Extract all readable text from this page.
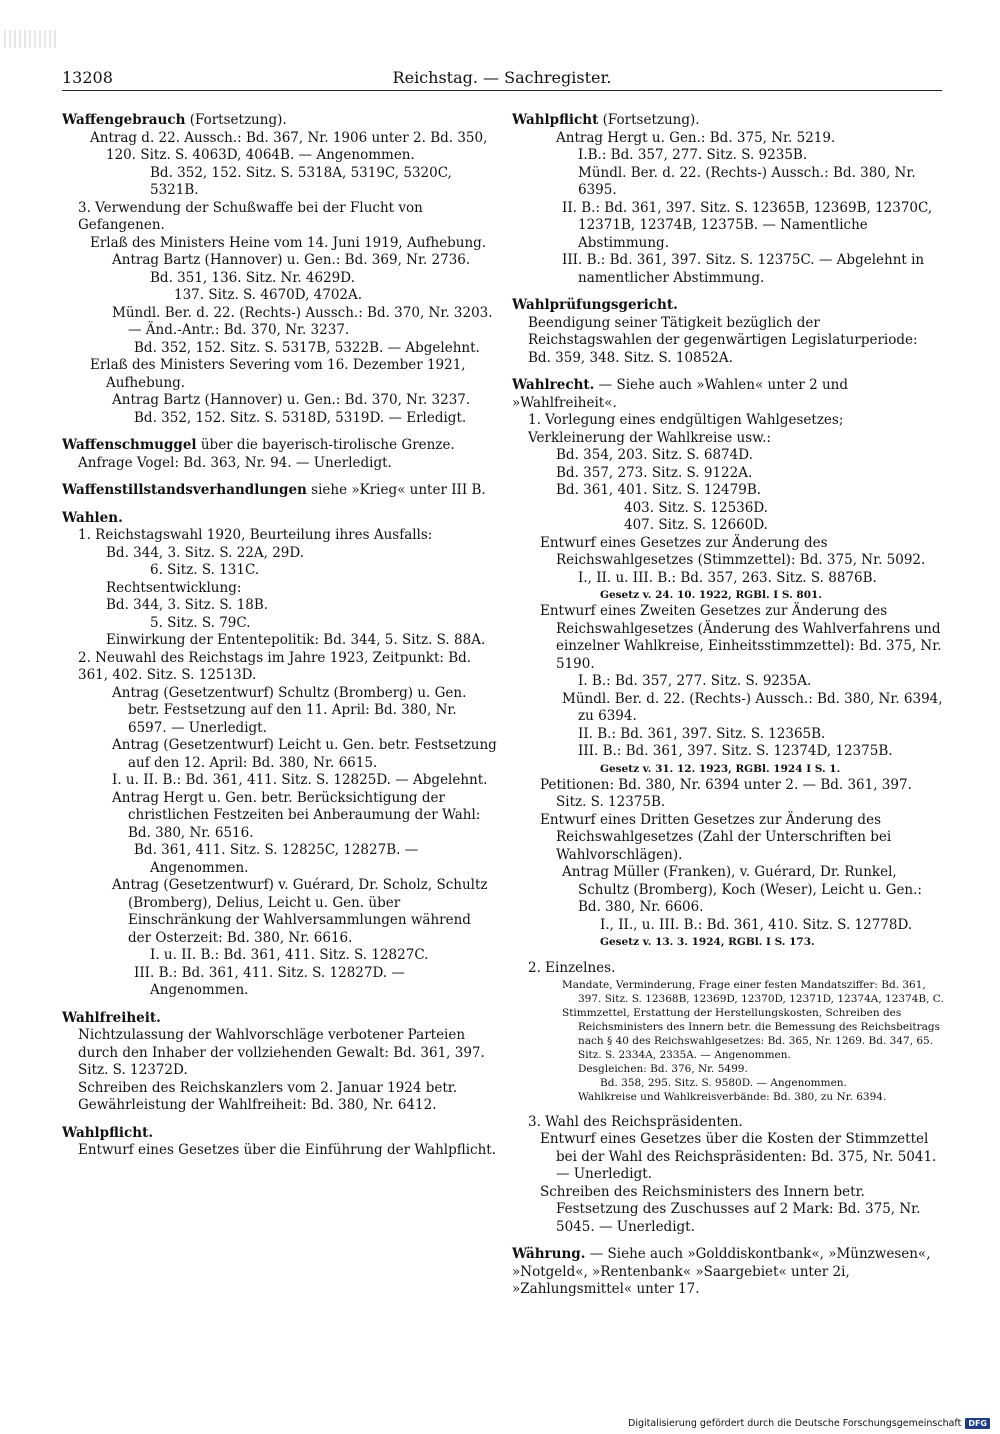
13208	Reichstag. — Sachregister.
Waffengebrauch (Fortsetzung).
Antrag d. 22. Aussch.: Bd. 367, Nr. 1906 unter 2. Bd. 350, 120. Sitz. S. 4063D, 4064B. — Angenommen.
Bd. 352, 152. Sitz. S. 5318A, 5319C, 5320C, 5321B.
3. Verwendung der Schußwaffe bei der Flucht von Gefangenen.
Erlaß des Ministers Heine vom 14. Juni 1919, Aufhebung.
Antrag Bartz (Hannover) u. Gen.: Bd. 369, Nr. 2736.
Bd. 351, 136. Sitz. Nr. 4629D.
137. Sitz. S. 4670D, 4702A.
Mündl. Ber. d. 22. (Rechts-) Aussch.: Bd. 370, Nr. 3203. — Änd.-Antr.: Bd. 370, Nr. 3237.
Bd. 352, 152. Sitz. S. 5317B, 5322B. — Abgelehnt.
Erlaß des Ministers Severing vom 16. Dezember 1921, Aufhebung.
Antrag Bartz (Hannover) u. Gen.: Bd. 370, Nr. 3237.
Bd. 352, 152. Sitz. S. 5318D, 5319D. — Erledigt.
Waffenschmuggel über die bayerisch-tirolische Grenze.
Anfrage Vogel: Bd. 363, Nr. 94. — Unerledigt.
Waffenstillstandsverhandlungen siehe »Krieg« unter III B.
Wahlen.
1. Reichstagswahl 1920, Beurteilung ihres Ausfalls:
Bd. 344, 3. Sitz. S. 22A, 29D.
6. Sitz. S. 131C.
Rechtsentwicklung:
Bd. 344, 3. Sitz. S. 18B.
5. Sitz. S. 79C.
Einwirkung der Ententepolitik: Bd. 344, 5. Sitz. S. 88A.
2. Neuwahl des Reichstags im Jahre 1923, Zeitpunkt: Bd. 361, 402. Sitz. S. 12513D.
Antrag (Gesetzentwurf) Schultz (Bromberg) u. Gen. betr. Festsetzung auf den 11. April: Bd. 380, Nr. 6597. — Unerledigt.
Antrag (Gesetzentwurf) Leicht u. Gen. betr. Festsetzung auf den 12. April: Bd. 380, Nr. 6615.
I. u. II. B.: Bd. 361, 411. Sitz. S. 12825D. — Abgelehnt.
Antrag Hergt u. Gen. betr. Berücksichtigung der christlichen Festzeiten bei Anberaumung der Wahl: Bd. 380, Nr. 6516.
Bd. 361, 411. Sitz. S. 12825C, 12827B. — Angenommen.
Antrag (Gesetzentwurf) v. Guérard, Dr. Scholz, Schultz (Bromberg), Delius, Leicht u. Gen. über Einschränkung der Wahlversammlungen während der Osterzeit: Bd. 380, Nr. 6616.
I. u. II. B.: Bd. 361, 411. Sitz. S. 12827C.
III. B.: Bd. 361, 411. Sitz. S. 12827D. — Angenommen.
Wahlfreiheit.
Nichtzulassung der Wahlvorschläge verbotener Parteien durch den Inhaber der vollziehenden Gewalt: Bd. 361, 397. Sitz. S. 12372D.
Schreiben des Reichskanzlers vom 2. Januar 1924 betr. Gewährleistung der Wahlfreiheit: Bd. 380, Nr. 6412.
Wahlpflicht.
Entwurf eines Gesetzes über die Einführung der Wahlpflicht.
Wahlpflicht (Fortsetzung).
Antrag Hergt u. Gen.: Bd. 375, Nr. 5219.
I.B.: Bd. 357, 277. Sitz. S. 9235B.
Mündl. Ber. d. 22. (Rechts-) Aussch.: Bd. 380, Nr. 6395.
II. B.: Bd. 361, 397. Sitz. S. 12365B, 12369B, 12370C, 12371B, 12374B, 12375B. — Namentliche Abstimmung.
III. B.: Bd. 361, 397. Sitz. S. 12375C. — Abgelehnt in namentlicher Abstimmung.
Wahlprüfungsgericht.
Beendigung seiner Tätigkeit bezüglich der Reichstagswahlen der gegenwärtigen Legislaturperiode: Bd. 359, 348. Sitz. S. 10852A.
Wahlrecht. — Siehe auch »Wahlen« unter 2 und »Wahlfreiheit«.
1. Vorlegung eines endgültigen Wahlgesetzes; Verkleinerung der Wahlkreise usw.:
Bd. 354, 203. Sitz. S. 6874D.
Bd. 357, 273. Sitz. S. 9122A.
Bd. 361, 401. Sitz. S. 12479B.
403. Sitz. S. 12536D.
407. Sitz. S. 12660D.
Entwurf eines Gesetzes zur Änderung des Reichswahlgesetzes (Stimmzettel): Bd. 375, Nr. 5092.
I., II. u. III. B.: Bd. 357, 263. Sitz. S. 8876B.
Gesetz v. 24. 10. 1922, RGBl. I S. 801.
Entwurf eines Zweiten Gesetzes zur Änderung des Reichswahlgesetzes (Änderung des Wahlverfahrens und einzelner Wahlkreise, Einheitsstimmzettel): Bd. 375, Nr. 5190.
I. B.: Bd. 357, 277. Sitz. S. 9235A.
Mündl. Ber. d. 22. (Rechts-) Aussch.: Bd. 380, Nr. 6394, zu 6394.
II. B.: Bd. 361, 397. Sitz. S. 12365B.
III. B.: Bd. 361, 397. Sitz. S. 12374D, 12375B.
Gesetz v. 31. 12. 1923, RGBl. 1924 I S. 1.
Petitionen: Bd. 380, Nr. 6394 unter 2. — Bd. 361, 397. Sitz. S. 12375B.
Entwurf eines Dritten Gesetzes zur Änderung des Reichswahlgesetzes (Zahl der Unterschriften bei Wahlvorschlägen).
Antrag Müller (Franken), v. Guérard, Dr. Runkel, Schultz (Bromberg), Koch (Weser), Leicht u. Gen.: Bd. 380, Nr. 6606.
I., II., u. III. B.: Bd. 361, 410. Sitz. S. 12778D.
Gesetz v. 13. 3. 1924, RGBl. I S. 173.
2. Einzelnes.
Mandate, Verminderung, Frage einer festen Mandatsziffer: Bd. 361, 397. Sitz. S. 12368B, 12369D, 12370D, 12371D, 12374A, 12374B, C.
Stimmzettel, Erstattung der Herstellungskosten, Schreiben des Reichsministers des Innern betr. die Bemessung des Reichsbeitrags nach § 40 des Reichswahlgesetzes: Bd. 365, Nr. 1269. Bd. 347, 65. Sitz. S. 2334A, 2335A. — Angenommen.
Desgleichen: Bd. 376, Nr. 5499.
Bd. 358, 295. Sitz. S. 9580D. — Angenommen.
Wahlkreise und Wahlkreisverbände: Bd. 380, zu Nr. 6394.
3. Wahl des Reichspräsidenten.
Entwurf eines Gesetzes über die Kosten der Stimmzettel bei der Wahl des Reichspräsidenten: Bd. 375, Nr. 5041. — Unerledigt.
Schreiben des Reichsministers des Innern betr. Festsetzung des Zuschusses auf 2 Mark: Bd. 375, Nr. 5045. — Unerledigt.
Währung. — Siehe auch »Golddiskontbank«, »Münzwesen«, »Notgeld«, »Rentenbank« »Saargebiet« unter 2i, »Zahlungsmittel« unter 17.
Digitalisierung gefördert durch die Deutsche Forschungsgemeinschaft DFG
